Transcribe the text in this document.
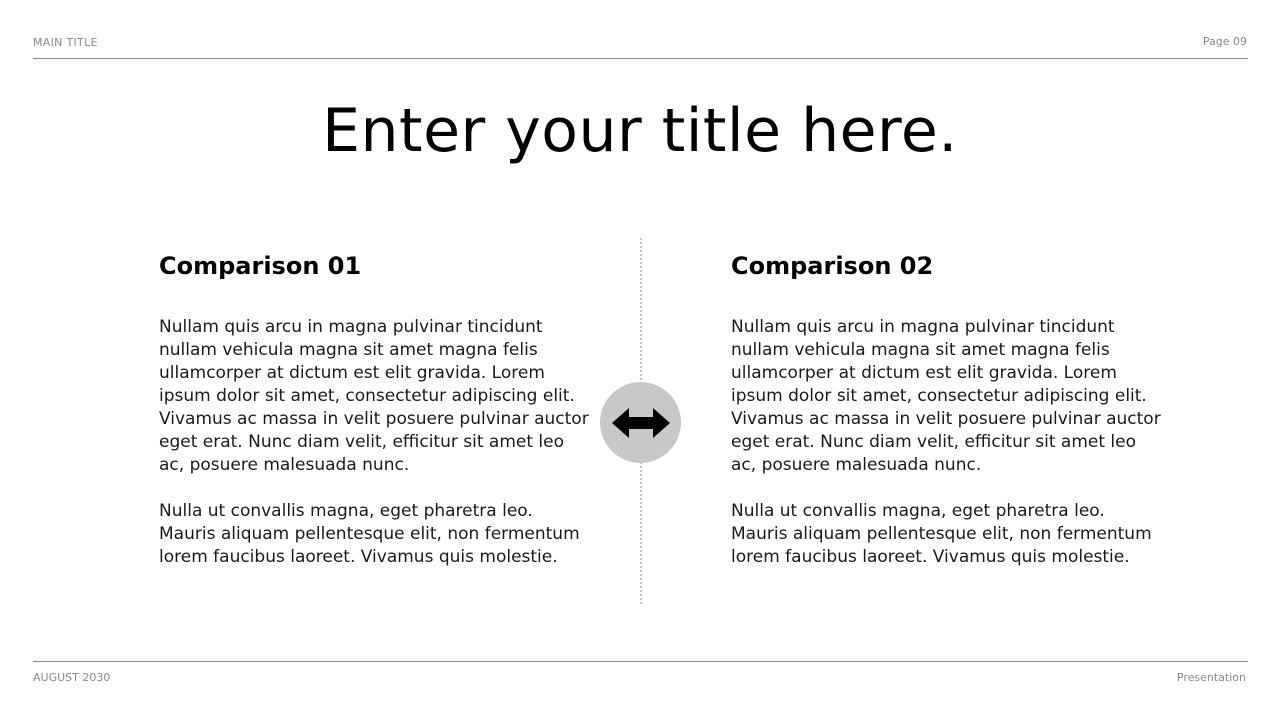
MAIN TITLE	Page 09
Enter your title here.
Comparison 01

Nullam quis arcu in magna pulvinar tincidunt nullam vehicula magna sit amet magna felis ullamcorper at dictum est elit gravida. Lorem ipsum dolor sit amet, consectetur adipiscing elit. Vivamus ac massa in velit posuere pulvinar auctor eget erat. Nunc diam velit, efficitur sit amet leo ac, posuere malesuada nunc.

Nulla ut convallis magna, eget pharetra leo. Mauris aliquam pellentesque elit, non fermentum lorem faucibus laoreet. Vivamus quis molestie.

Comparison 02

Nullam quis arcu in magna pulvinar tincidunt nullam vehicula magna sit amet magna felis ullamcorper at dictum est elit gravida. Lorem ipsum dolor sit amet, consectetur adipiscing elit. Vivamus ac massa in velit posuere pulvinar auctor eget erat. Nunc diam velit, efficitur sit amet leo ac, posuere malesuada nunc.

Nulla ut convallis magna, eget pharetra leo. Mauris aliquam pellentesque elit, non fermentum lorem faucibus laoreet. Vivamus quis molestie.

AUGUST 2030	Presentation
